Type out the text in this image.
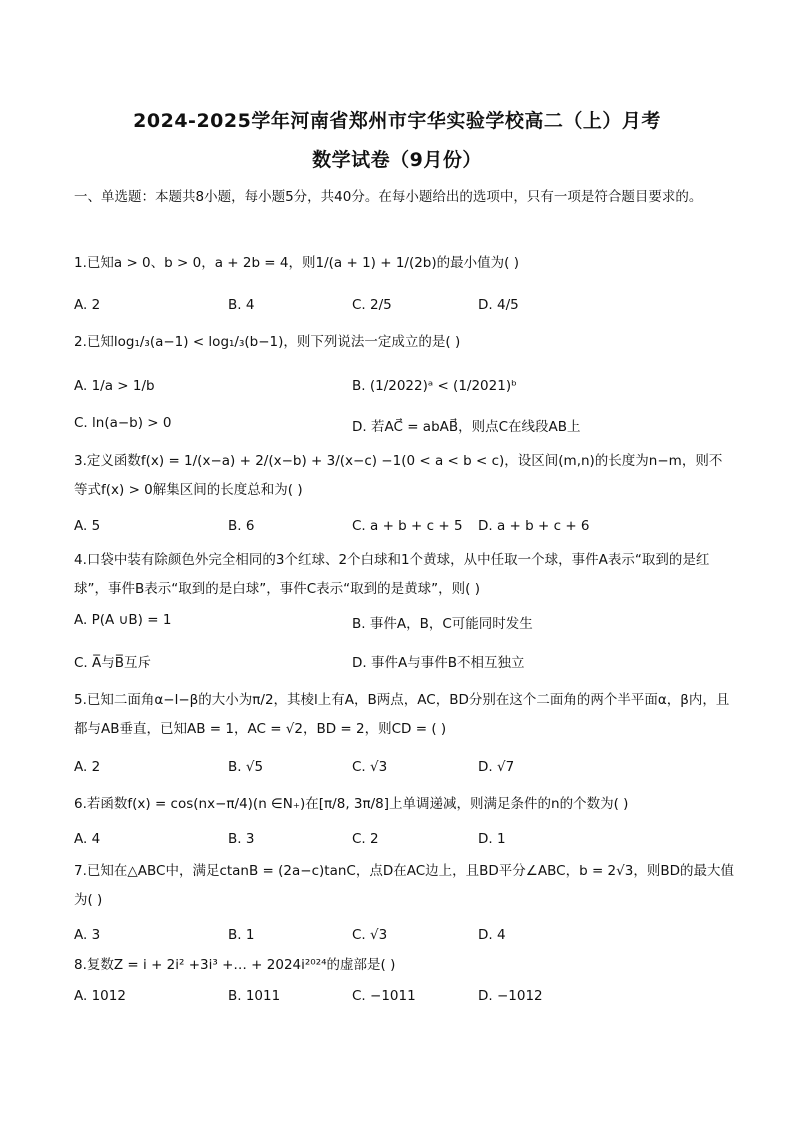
2024-2025学年河南省郑州市宇华实验学校高二（上）月考
数学试卷（9月份）
一、单选题：本题共8小题，每小题5分，共40分。在每小题给出的选项中，只有一项是符合题目要求的。
1.已知a > 0、b > 0，a + 2b = 4，则1/(a + 1) + 1/(2b)的最小值为( )
A. 2	B. 4	C. 2/5	D. 4/5
2.已知log₁/₃(a−1) < log₁/₃(b−1)，则下列说法一定成立的是( )
A. 1/a > 1/b	B. (1/2022)ᵃ < (1/2021)ᵇ
C. ln(a−b) > 0	D. 若AC⃗ = abAB⃗，则点C在线段AB上
3.定义函数f(x) = 1/(x−a) + 2/(x−b) + 3/(x−c) −1(0 < a < b < c)，设区间(m,n)的长度为n−m，则不等式f(x) > 0解集区间的长度总和为( )
A. 5	B. 6	C. a + b + c + 5 D. a + b + c + 6
4.口袋中装有除颜色外完全相同的3个红球、2个白球和1个黄球，从中任取一个球，事件A表示“取到的是红球”，事件B表示“取到的是白球”，事件C表示“取到的是黄球”，则( )
A. P(A ∪B) = 1	B. 事件A，B，C可能同时发生
C. A̅与B̅互斥	D. 事件A与事件B不相互独立
5.已知二面角α−l−β的大小为π/2，其棱l上有A，B两点，AC，BD分别在这个二面角的两个半平面α，β内，且都与AB垂直，已知AB = 1，AC = √2，BD = 2，则CD = ( )
A. 2	B. √5	C. √3	D. √7
6.若函数f(x) = cos(nx−π/4)(n ∈N₊)在[π/8, 3π/8]上单调递减，则满足条件的n的个数为( )
A. 4	B. 3	C. 2	D. 1
7.已知在△ABC中，满足ctanB = (2a−c)tanC，点D在AC边上，且BD平分∠ABC，b = 2√3，则BD的最大值为( )
A. 3	B. 1	C. √3	D. 4
8.复数Z = i + 2i² +3i³ +… + 2024i²⁰²⁴的虚部是( )
A. 1012	B. 1011	C. −1011	D. −1012
